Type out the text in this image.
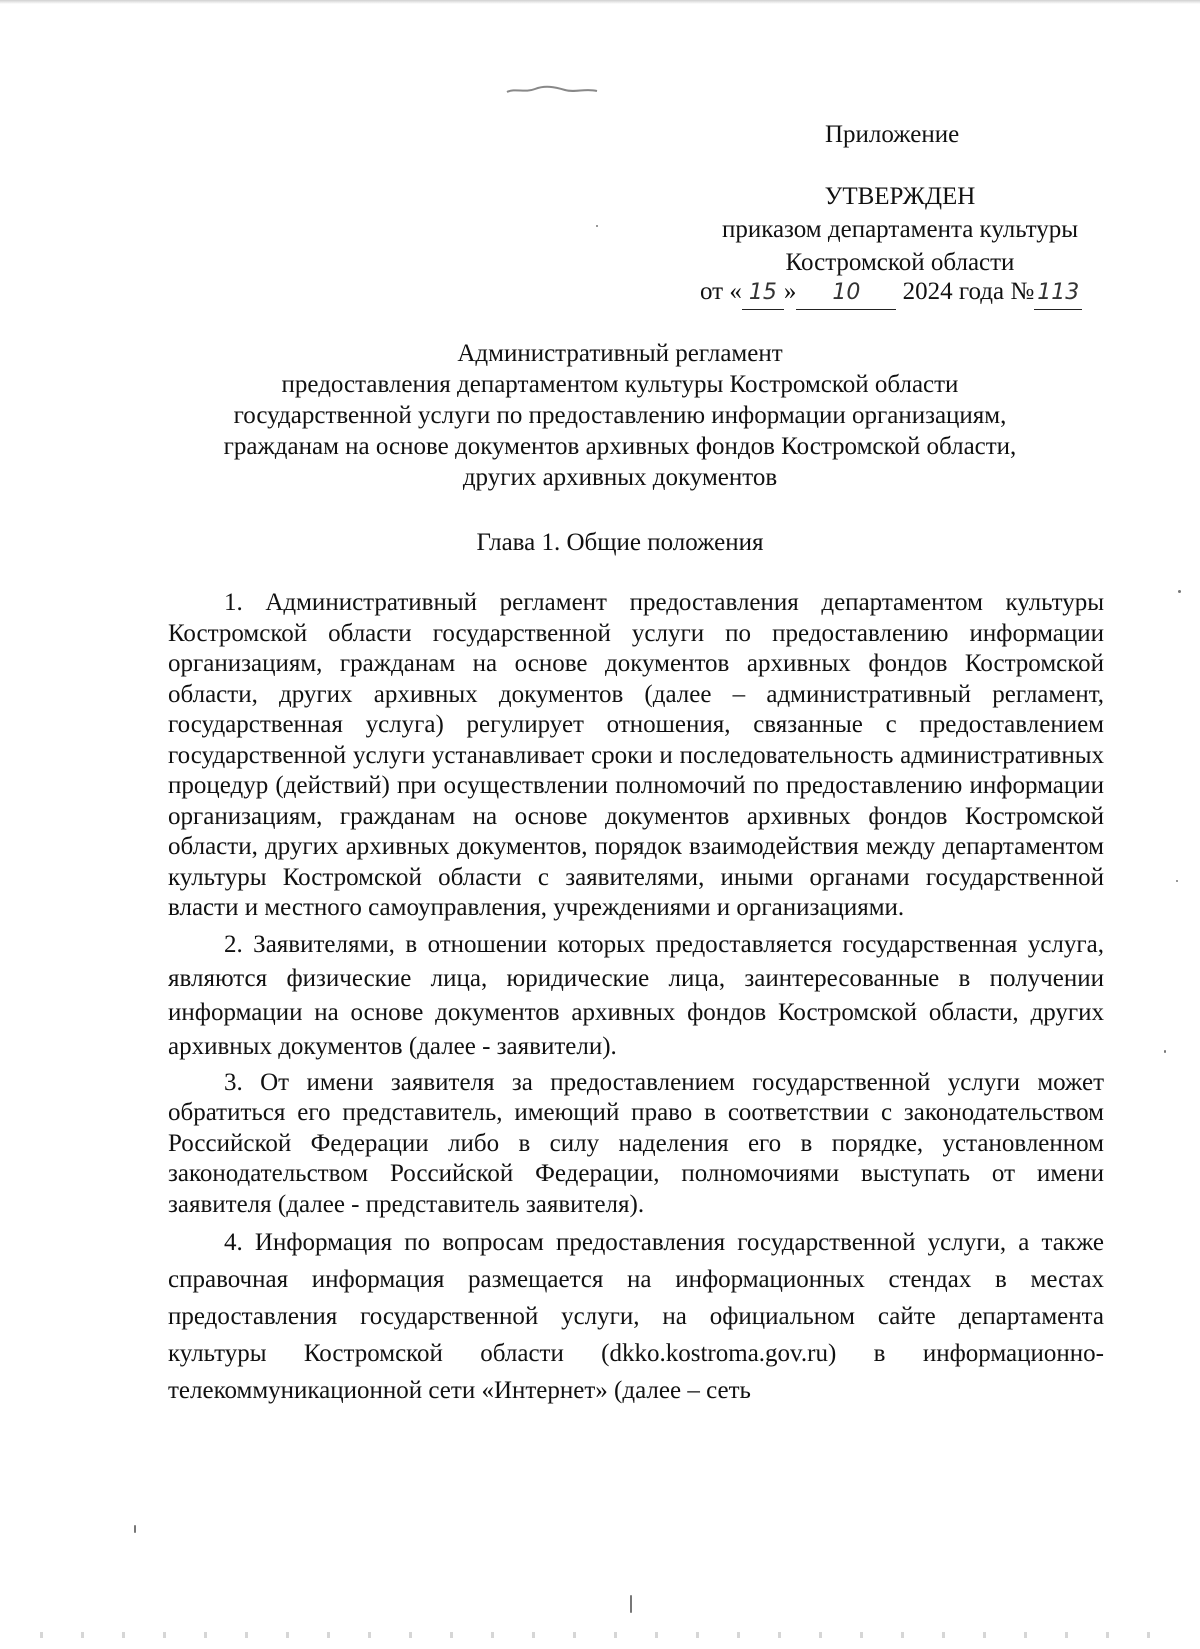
Приложение
УТВЕРЖДЕН
приказом департамента культуры
Костромской области
от « 15 » 10 2024 года № 113
Административный регламент
предоставления департаментом культуры Костромской области
государственной услуги по предоставлению информации организациям,
гражданам на основе документов архивных фондов Костромской области,
других архивных документов
Глава 1. Общие положения

1. Административный регламент предоставления департаментом культуры Костромской области государственной услуги по предоставлению информации организациям, гражданам на основе документов архивных фондов Костромской области, других архивных документов (далее – административный регламент, государственная услуга) регулирует отношения, связанные с предоставлением государственной услуги устанавливает сроки и последовательность административных процедур (действий) при осуществлении полномочий по предоставлению информации организациям, гражданам на основе документов архивных фондов Костромской области, других архивных документов, порядок взаимодействия между департаментом культуры Костромской области с заявителями, иными органами государственной власти и местного самоуправления, учреждениями и организациями.

2. Заявителями, в отношении которых предоставляется государственная услуга, являются физические лица, юридические лица, заинтересованные в получении информации на основе документов архивных фондов Костромской области, других архивных документов (далее - заявители).

3. От имени заявителя за предоставлением государственной услуги может обратиться его представитель, имеющий право в соответствии с законодательством Российской Федерации либо в силу наделения его в порядке, установленном законодательством Российской Федерации, полномочиями выступать от имени заявителя (далее - представитель заявителя).

4. Информация по вопросам предоставления государственной услуги, а также справочная информация размещается на информационных стендах в местах предоставления государственной услуги, на официальном сайте департамента культуры Костромской области (dkko.kostroma.gov.ru) в информационно-телекоммуникационной сети «Интернет» (далее – сеть
